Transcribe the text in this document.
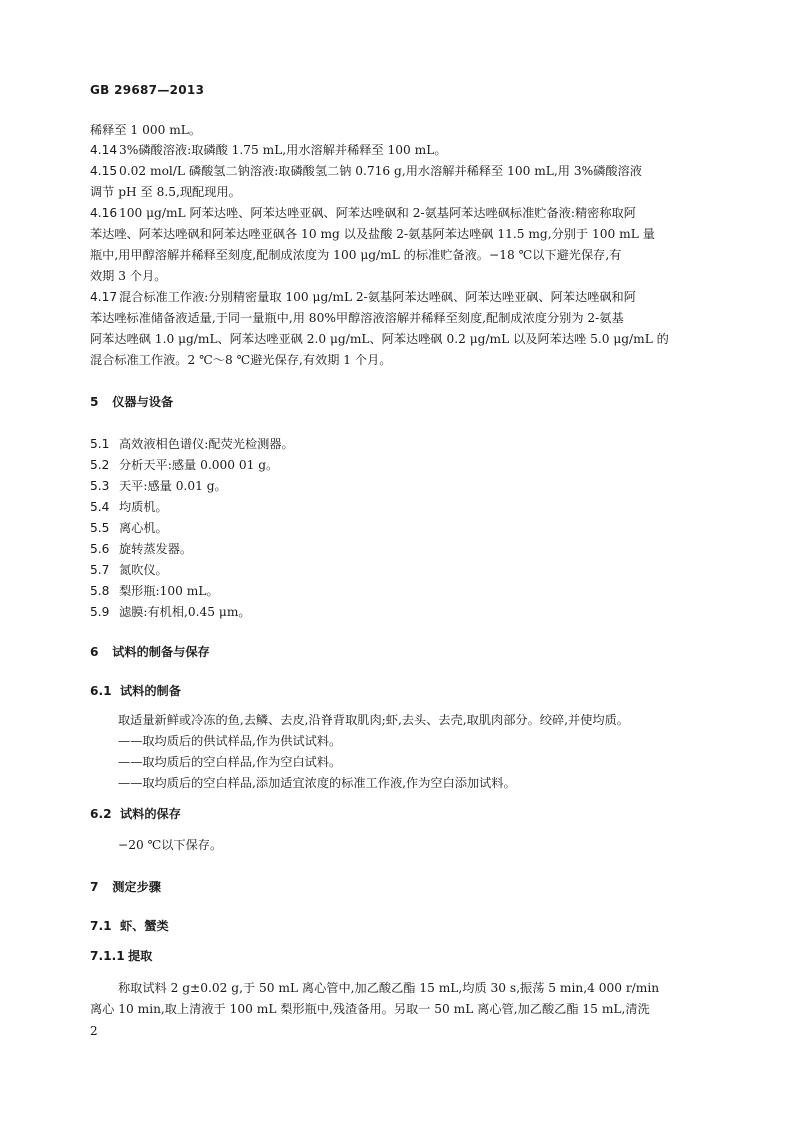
GB 29687—2013
稀释至 1 000 mL。
4.14 3%磷酸溶液:取磷酸 1.75 mL,用水溶解并稀释至 100 mL。
4.15 0.02 mol/L 磷酸氢二钠溶液:取磷酸氢二钠 0.716 g,用水溶解并稀释至 100 mL,用 3%磷酸溶液
调节 pH 至 8.5,现配现用。
4.16 100 μg/mL 阿苯达唑、阿苯达唑亚砜、阿苯达唑砜和 2-氨基阿苯达唑砜标准贮备液:精密称取阿
苯达唑、阿苯达唑砜和阿苯达唑亚砜各 10 mg 以及盐酸 2-氨基阿苯达唑砜 11.5 mg,分别于 100 mL 量
瓶中,用甲醇溶解并稀释至刻度,配制成浓度为 100 μg/mL 的标准贮备液。−18 ℃以下避光保存,有
效期 3 个月。
4.17 混合标准工作液:分别精密量取 100 μg/mL 2-氨基阿苯达唑砜、阿苯达唑亚砜、阿苯达唑砜和阿
苯达唑标准储备液适量,于同一量瓶中,用 80%甲醇溶液溶解并稀释至刻度,配制成浓度分别为 2-氨基
阿苯达唑砜 1.0 μg/mL、阿苯达唑亚砜 2.0 μg/mL、阿苯达唑砜 0.2 μg/mL 以及阿苯达唑 5.0 μg/mL 的
混合标准工作液。2 ℃～8 ℃避光保存,有效期 1 个月。
5 仪器与设备
5.1 高效液相色谱仪:配荧光检测器。
5.2 分析天平:感量 0.000 01 g。
5.3 天平:感量 0.01 g。
5.4 均质机。
5.5 离心机。
5.6 旋转蒸发器。
5.7 氮吹仪。
5.8 梨形瓶:100 mL。
5.9 滤膜:有机相,0.45 μm。
6 试料的制备与保存
6.1 试料的制备
取适量新鲜或冷冻的鱼,去鳞、去皮,沿脊背取肌肉;虾,去头、去壳,取肌肉部分。绞碎,并使均质。
——取均质后的供试样品,作为供试试料。
——取均质后的空白样品,作为空白试料。
——取均质后的空白样品,添加适宜浓度的标准工作液,作为空白添加试料。
6.2 试料的保存
−20 ℃以下保存。
7 测定步骤
7.1 虾、蟹类
7.1.1 提取
称取试料 2 g±0.02 g,于 50 mL 离心管中,加乙酸乙酯 15 mL,均质 30 s,振荡 5 min,4 000 r/min
离心 10 min,取上清液于 100 mL 梨形瓶中,残渣备用。另取一 50 mL 离心管,加乙酸乙酯 15 mL,清洗
2
